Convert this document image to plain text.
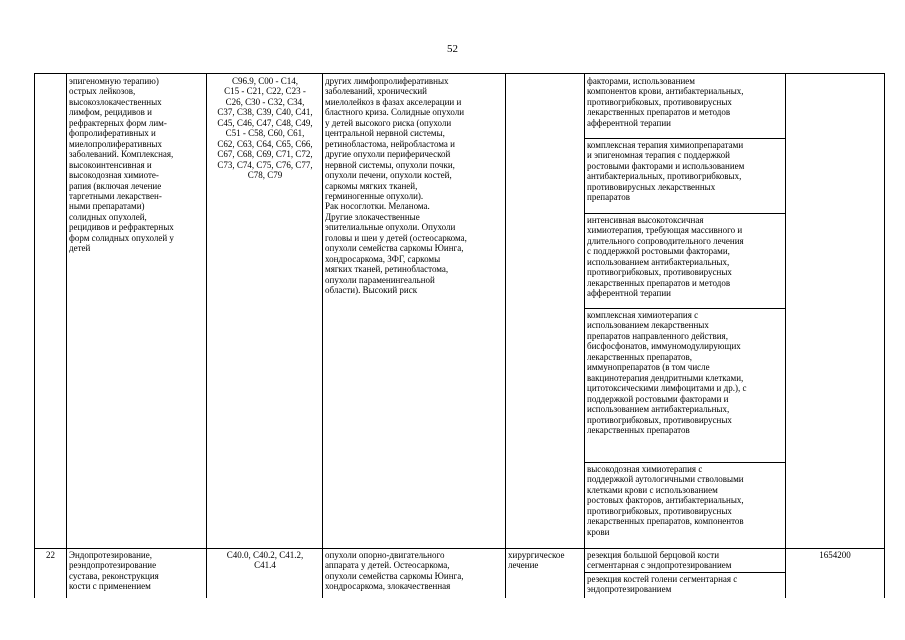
52
эпигеномную терапию)
острых лейкозов,
высокозлокачественных
лимфом, рецидивов и
рефрактерных форм лим-
фопролиферативных и
миелопролиферативных
заболеваний. Комплексная,
высокоинтенсивная и
высокодозная химиоте-
рапия (включая лечение
таргетными лекарствен-
ными препаратами)
солидных опухолей,
рецидивов и рефрактерных
форм солидных опухолей у
детей
C96.9, C00 - C14,
C15 - C21, C22, C23 -
C26, C30 - C32, C34,
C37, C38, C39, C40, C41,
C45, C46, C47, C48, C49,
C51 - C58, C60, C61,
C62, C63, C64, C65, C66,
C67, C68, C69, C71, C72,
C73, C74, C75, C76, C77,
C78, C79
других лимфопролиферативных
заболеваний, хронический
миелолейкоз в фазах акселерации и
бластного криза. Солидные опухоли
у детей высокого риска (опухоли
центральной нервной системы,
ретинобластома, нейробластома и
другие опухоли периферической
нервной системы, опухоли почки,
опухоли печени, опухоли костей,
саркомы мягких тканей,
герминогенные опухоли).
Рак носоглотки. Меланома.
Другие злокачественные
эпителиальные опухоли. Опухоли
головы и шеи у детей (остеосаркома,
опухоли семейства саркомы Юинга,
хондросаркома, ЗФГ, саркомы
мягких тканей, ретинобластома,
опухоли параменингеальной
области). Высокий риск
факторами, использованием
компонентов крови, антибактериальных,
противогрибковых, противовирусных
лекарственных препаратов и методов
афферентной терапии
комплексная терапия химиопрепаратами
и эпигеномная терапия с поддержкой
ростовыми факторами и использованием
антибактериальных, противогрибковых,
противовирусных лекарственных
препаратов
интенсивная высокотоксичная
химиотерапия, требующая массивного и
длительного сопроводительного лечения
с поддержкой ростовыми факторами,
использованием антибактериальных,
противогрибковых, противовирусных
лекарственных препаратов и методов
афферентной терапии
комплексная химиотерапия с
использованием лекарственных
препаратов направленного действия,
бисфосфонатов, иммуномодулирующих
лекарственных препаратов,
иммунопрепаратов (в том числе
вакцинотерапия дендритными клетками,
цитотоксическими лимфоцитами и др.), с
поддержкой ростовыми факторами и
использованием антибактериальных,
противогрибковых, противовирусных
лекарственных препаратов
высокодозная химиотерапия с
поддержкой аутологичными стволовыми
клетками крови с использованием
ростовых факторов, антибактериальных,
противогрибковых, противовирусных
лекарственных препаратов, компонентов
крови
22	Эндопротезирование,
реэндопротезирование
сустава, реконструкция
кости с применением
C40.0, C40.2, C41.2,
C41.4
опухоли опорно-двигательного
аппарата у детей. Остеосаркома,
опухоли семейства саркомы Юинга,
хондросаркома, злокачественная
хирургическое
лечение
резекция большой берцовой кости
сегментарная с эндопротезированием
резекция костей голени сегментарная с
эндопротезированием
1654200
